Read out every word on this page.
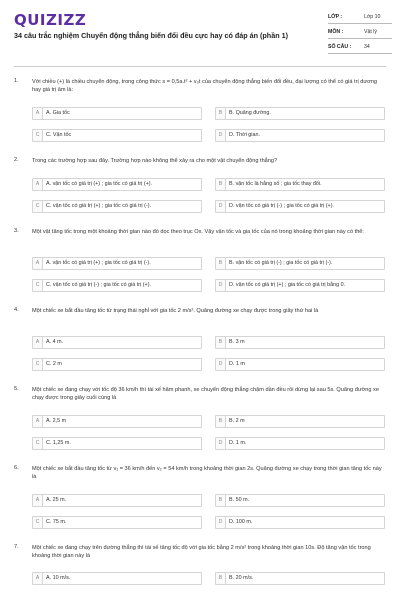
QUIZIZZ
34 câu trắc nghiệm Chuyển động thẳng biến đổi đều cực hay có đáp án (phần 1)
LỚP :	Lớp 10
MÔN :	Vật lý
SỐ CÂU : 34
1. Với chiều (+) là chiều chuyển động, trong công thức s = 0,5a.t² + v₀t của chuyển động thẳng biến đổi đều, đại lượng có thể có giá trị dương hay giá trị âm là:
A	A. Gia tốc	B	B. Quãng đường.
C	C. Vận tốc	D	D. Thời gian.
2. Trong các trường hợp sau đây. Trường hợp nào không thể xảy ra cho một vật chuyển động thẳng?
A	A. vận tốc có giá trị (+) ; gia tốc có giá trị (+).	B	B. vận tốc là hằng số ; gia tốc thay đổi.
C	C. vận tốc có giá trị (+) ; gia tốc có giá trị (-).	D	D. vận tốc có giá trị (-) ; gia tốc có giá trị (+).
3. Một vật tăng tốc trong một khoảng thời gian nào đó dọc theo trục Ox. Vậy vận tốc và gia tốc của nó trong khoảng thời gian này có thể:
A	A. vận tốc có giá trị (+) ; gia tốc có giá trị (-).	B	B. vận tốc có giá trị (-) ; gia tốc có giá trị (-).
C	C. vận tốc có giá trị (-) ; gia tốc có giá trị (+).	D	D. vận tốc có giá trị (+) ; gia tốc có giá trị bằng 0.
4. Một chiếc xe bắt đầu tăng tốc từ trạng thái nghỉ với gia tốc 2 m/s². Quãng đường xe chạy được trong giây thứ hai là
A	A. 4 m.	B	B. 3 m
C	C. 2 m	D	D. 1 m
5. Một chiếc xe đang chạy với tốc độ 36 km/h thì tài xế hãm phanh, xe chuyển động thẳng chậm dần đều rồi dừng lại sau 5s. Quãng đường xe chạy được trong giây cuối cùng là
A	A. 2,5 m	B	B. 2 m
C	C. 1,25 m.	D	D. 1 m.
6. Một chiếc xe bắt đầu tăng tốc từ v₁ = 36 km/h đến v₂ = 54 km/h trong khoảng thời gian 2s. Quãng đường xe chạy trong thời gian tăng tốc này là
A	A. 25 m.	B	B. 50 m.
C	C. 75 m.	D	D. 100 m.
7. Một chiếc xe đang chạy trên đường thẳng thì tài xế tăng tốc độ với gia tốc bằng 2 m/s² trong khoảng thời gian 10s. Độ tăng vận tốc trong khoảng thời gian này là
A	A. 10 m/s.	B	B. 20 m/s.
